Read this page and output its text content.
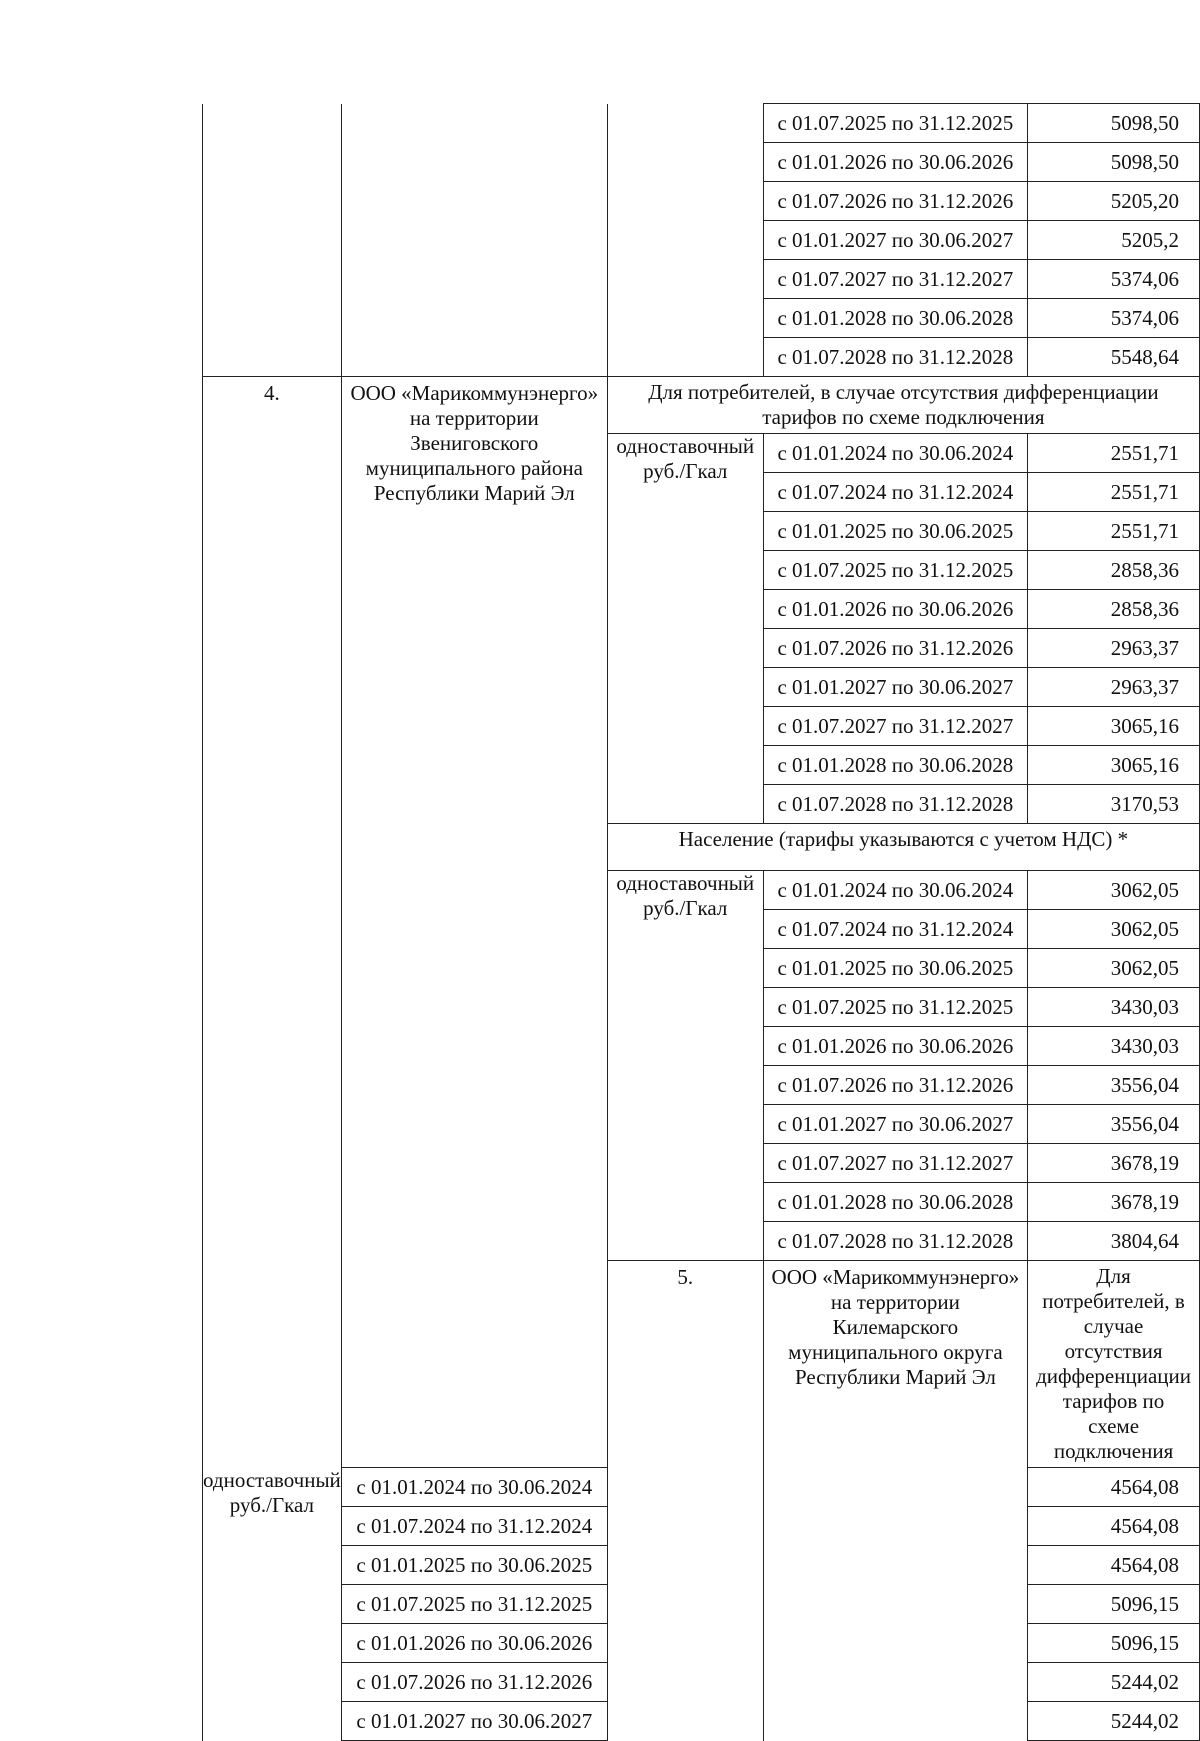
			с 01.07.2025 по 31.12.2025	5098,50
			с 01.01.2026 по 30.06.2026	5098,50
			с 01.07.2026 по 31.12.2026	5205,20
			с 01.01.2027 по 30.06.2027	5205,2
			с 01.07.2027 по 31.12.2027	5374,06
			с 01.01.2028 по 30.06.2028	5374,06
			с 01.07.2028 по 31.12.2028	5548,64
4.	ООО «Марикоммунэнерго» на территории Звениговского муниципального района Республики Марий Эл	Для потребителей, в случае отсутствия дифференциации тарифов по схеме подключения		
		одноставочный руб./Гкал	с 01.01.2024 по 30.06.2024	2551,71
			с 01.07.2024 по 31.12.2024	2551,71
			с 01.01.2025 по 30.06.2025	2551,71
			с 01.07.2025 по 31.12.2025	2858,36
			с 01.01.2026 по 30.06.2026	2858,36
			с 01.07.2026 по 31.12.2026	2963,37
			с 01.01.2027 по 30.06.2027	2963,37
			с 01.07.2027 по 31.12.2027	3065,16
			с 01.01.2028 по 30.06.2028	3065,16
			с 01.07.2028 по 31.12.2028	3170,53
		Население (тарифы указываются с учетом НДС) *		
		одноставочный руб./Гкал	с 01.01.2024 по 30.06.2024	3062,05
			с 01.07.2024 по 31.12.2024	3062,05
			с 01.01.2025 по 30.06.2025	3062,05
			с 01.07.2025 по 31.12.2025	3430,03
			с 01.01.2026 по 30.06.2026	3430,03
			с 01.07.2026 по 31.12.2026	3556,04
			с 01.01.2027 по 30.06.2027	3556,04
			с 01.07.2027 по 31.12.2027	3678,19
			с 01.01.2028 по 30.06.2028	3678,19
			с 01.07.2028 по 31.12.2028	3804,64
		5.	ООО «Марикоммунэнерго» на территории Килемарского муниципального округа Республики Марий Эл	Для потребителей, в случае отсутствия дифференциации тарифов по схеме подключения
одноставочный руб./Гкал	с 01.01.2024 по 30.06.2024			4564,08
	с 01.07.2024 по 31.12.2024			4564,08
	с 01.01.2025 по 30.06.2025			4564,08
	с 01.07.2025 по 31.12.2025			5096,15
	с 01.01.2026 по 30.06.2026			5096,15
	с 01.07.2026 по 31.12.2026			5244,02
	с 01.01.2027 по 30.06.2027			5244,02
